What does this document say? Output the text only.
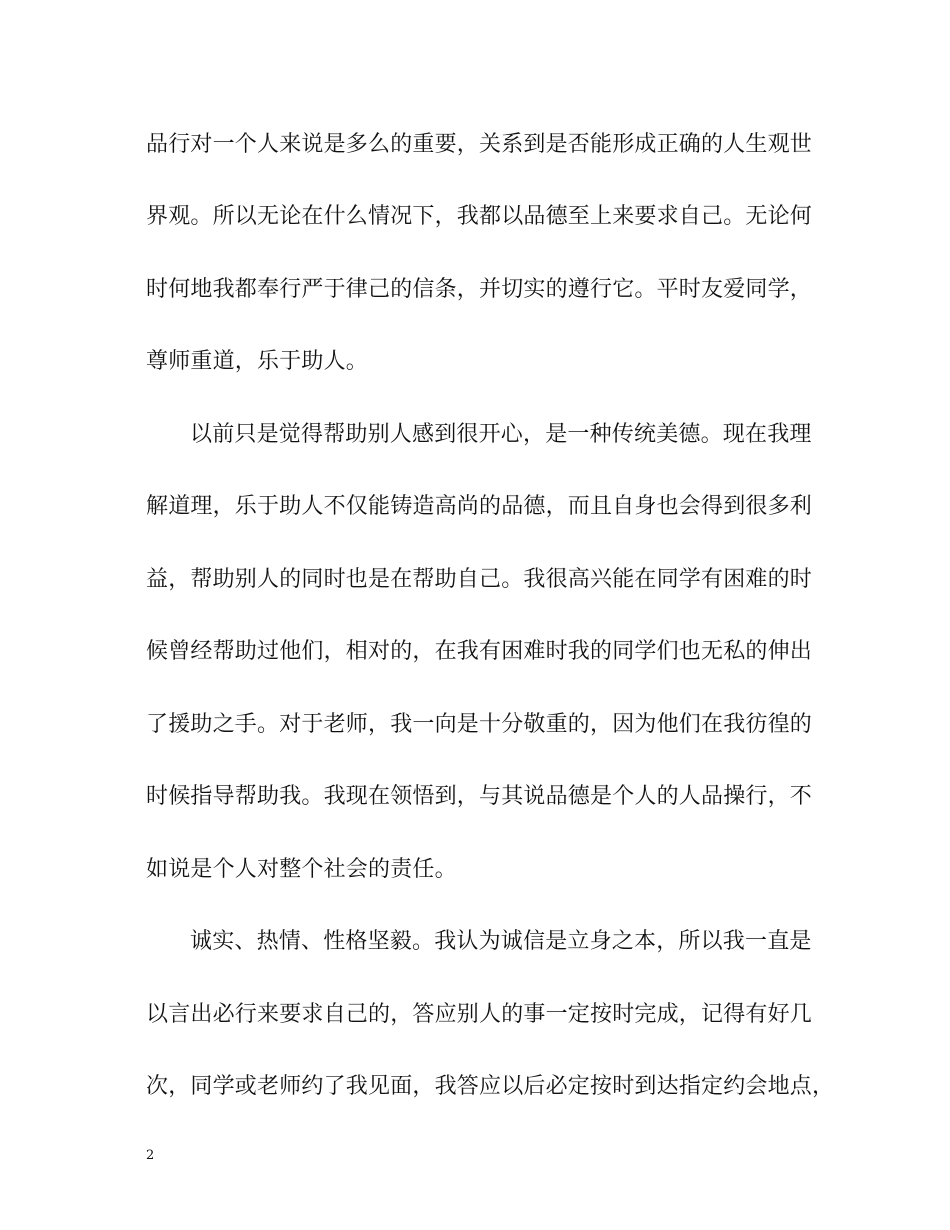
品行对一个人来说是多么的重要，关系到是否能形成正确的人生观世
界观。所以无论在什么情况下，我都以品德至上来要求自己。无论何
时何地我都奉行严于律己的信条，并切实的遵行它。平时友爱同学，
尊师重道，乐于助人。
以前只是觉得帮助别人感到很开心，是一种传统美德。现在我理
解道理，乐于助人不仅能铸造高尚的品德，而且自身也会得到很多利
益，帮助别人的同时也是在帮助自己。我很高兴能在同学有困难的时
候曾经帮助过他们，相对的，在我有困难时我的同学们也无私的伸出
了援助之手。对于老师，我一向是十分敬重的，因为他们在我彷徨的
时候指导帮助我。我现在领悟到，与其说品德是个人的人品操行，不
如说是个人对整个社会的责任。
诚实、热情、性格坚毅。我认为诚信是立身之本，所以我一直是
以言出必行来要求自己的，答应别人的事一定按时完成，记得有好几
次，同学或老师约了我见面，我答应以后必定按时到达指定约会地点，
2
